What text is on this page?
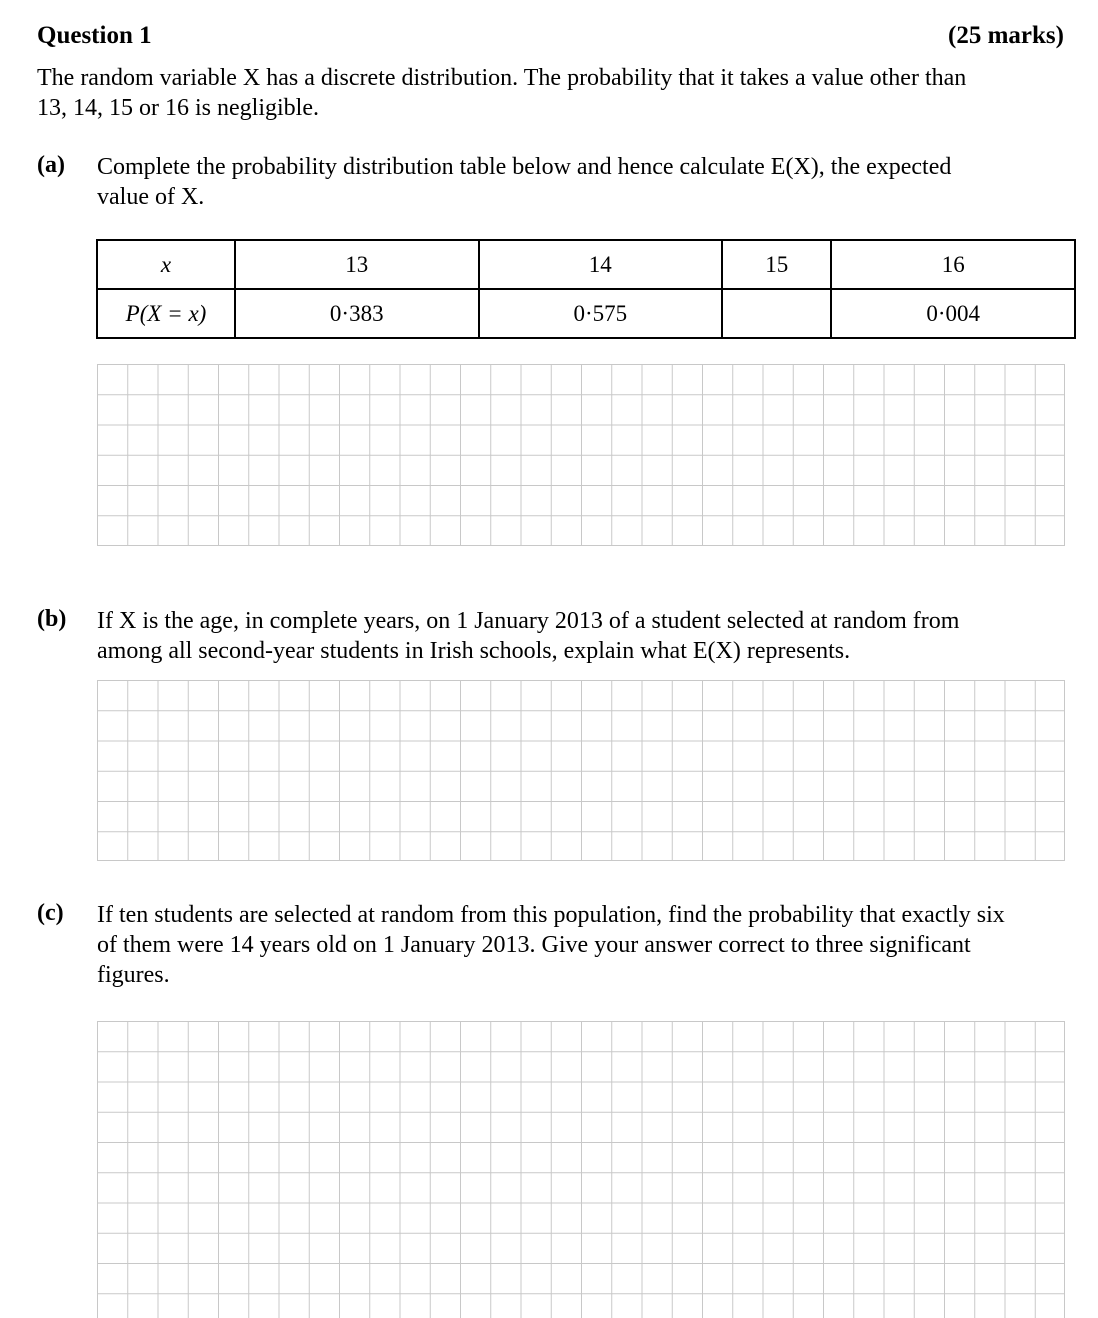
Question 1	(25 marks)
The random variable X has a discrete distribution. The probability that it takes a value other than
13, 14, 15 or 16 is negligible.
(a) Complete the probability distribution table below and hence calculate E(X), the expected
value of X.
x	13	14	15	16
P(X = x)	0·383	0·575		0·004
(b) If X is the age, in complete years, on 1 January 2013 of a student selected at random from
among all second-year students in Irish schools, explain what E(X) represents.
(c) If ten students are selected at random from this population, find the probability that exactly six
of them were 14 years old on 1 January 2013. Give your answer correct to three significant
figures.
